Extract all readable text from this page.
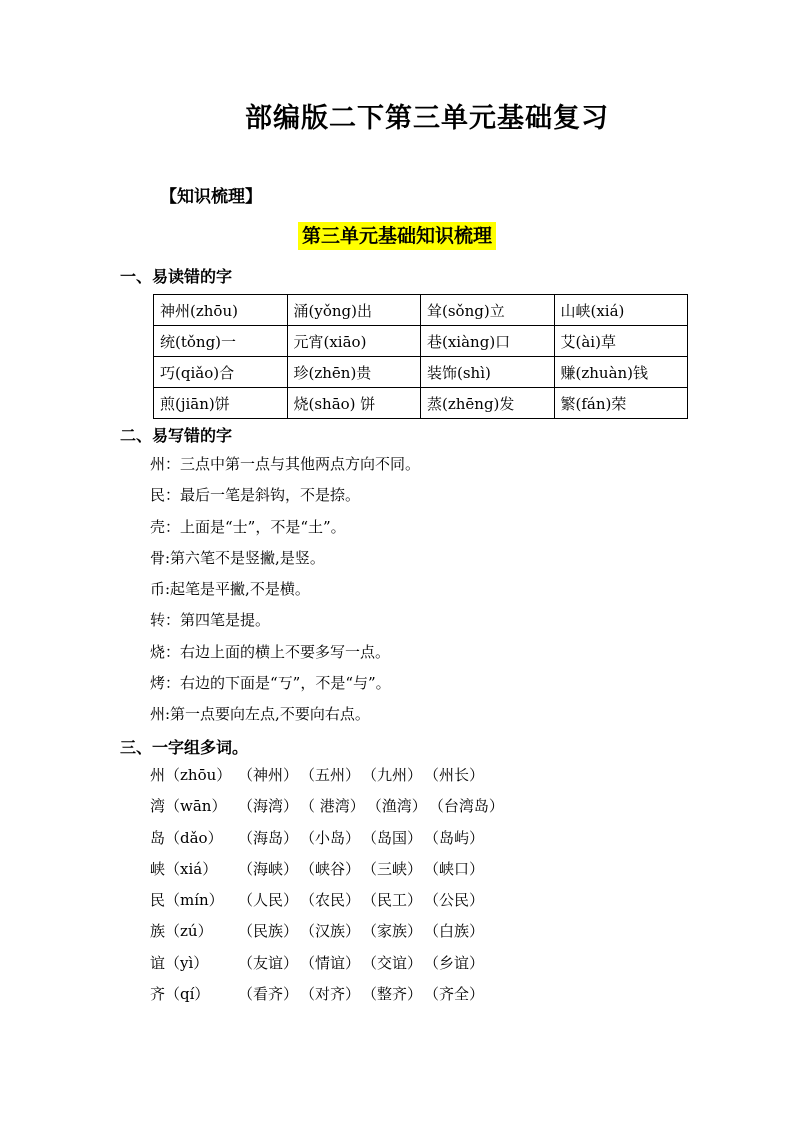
部编版二下第三单元基础复习
【知识梳理】
第三单元基础知识梳理
一、易读错的字
神州(zhōu)	涌(yǒng)出	耸(sǒng)立	山峡(xiá)
统(tǒng)一	元宵(xiāo)	巷(xiàng)口	艾(ài)草
巧(qiǎo)合	珍(zhēn)贵	装饰(shì)	赚(zhuàn)钱
煎(jiān)饼	烧(shāo) 饼	蒸(zhēng)发	繁(fán)荣
二、易写错的字
州：三点中第一点与其他两点方向不同。
民：最后一笔是斜钩，不是捺。
壳：上面是“士”，不是“土”。
骨:第六笔不是竖撇,是竖。
币:起笔是平撇,不是横。
转：第四笔是提。
烧：右边上面的横上不要多写一点。
烤：右边的下面是“丂”，不是“与”。
州:第一点要向左点,不要向右点。
三、一字组多词。
州（zhōu） （神州） （五州） （九州） （州长）
湾（wān） （海湾） （ 港湾） （渔湾） （台湾岛）
岛（dǎo）	（海岛） （小岛） （岛国） （岛屿）
峡（xiá）	（海峡） （峡谷） （三峡） （峡口）
民（mín） （人民） （农民） （民工） （公民）
族（zú）	（民族） （汉族） （家族） （白族）
谊（yì）	（友谊） （情谊） （交谊） （乡谊）
齐（qí）	（看齐） （对齐） （整齐） （齐全）
